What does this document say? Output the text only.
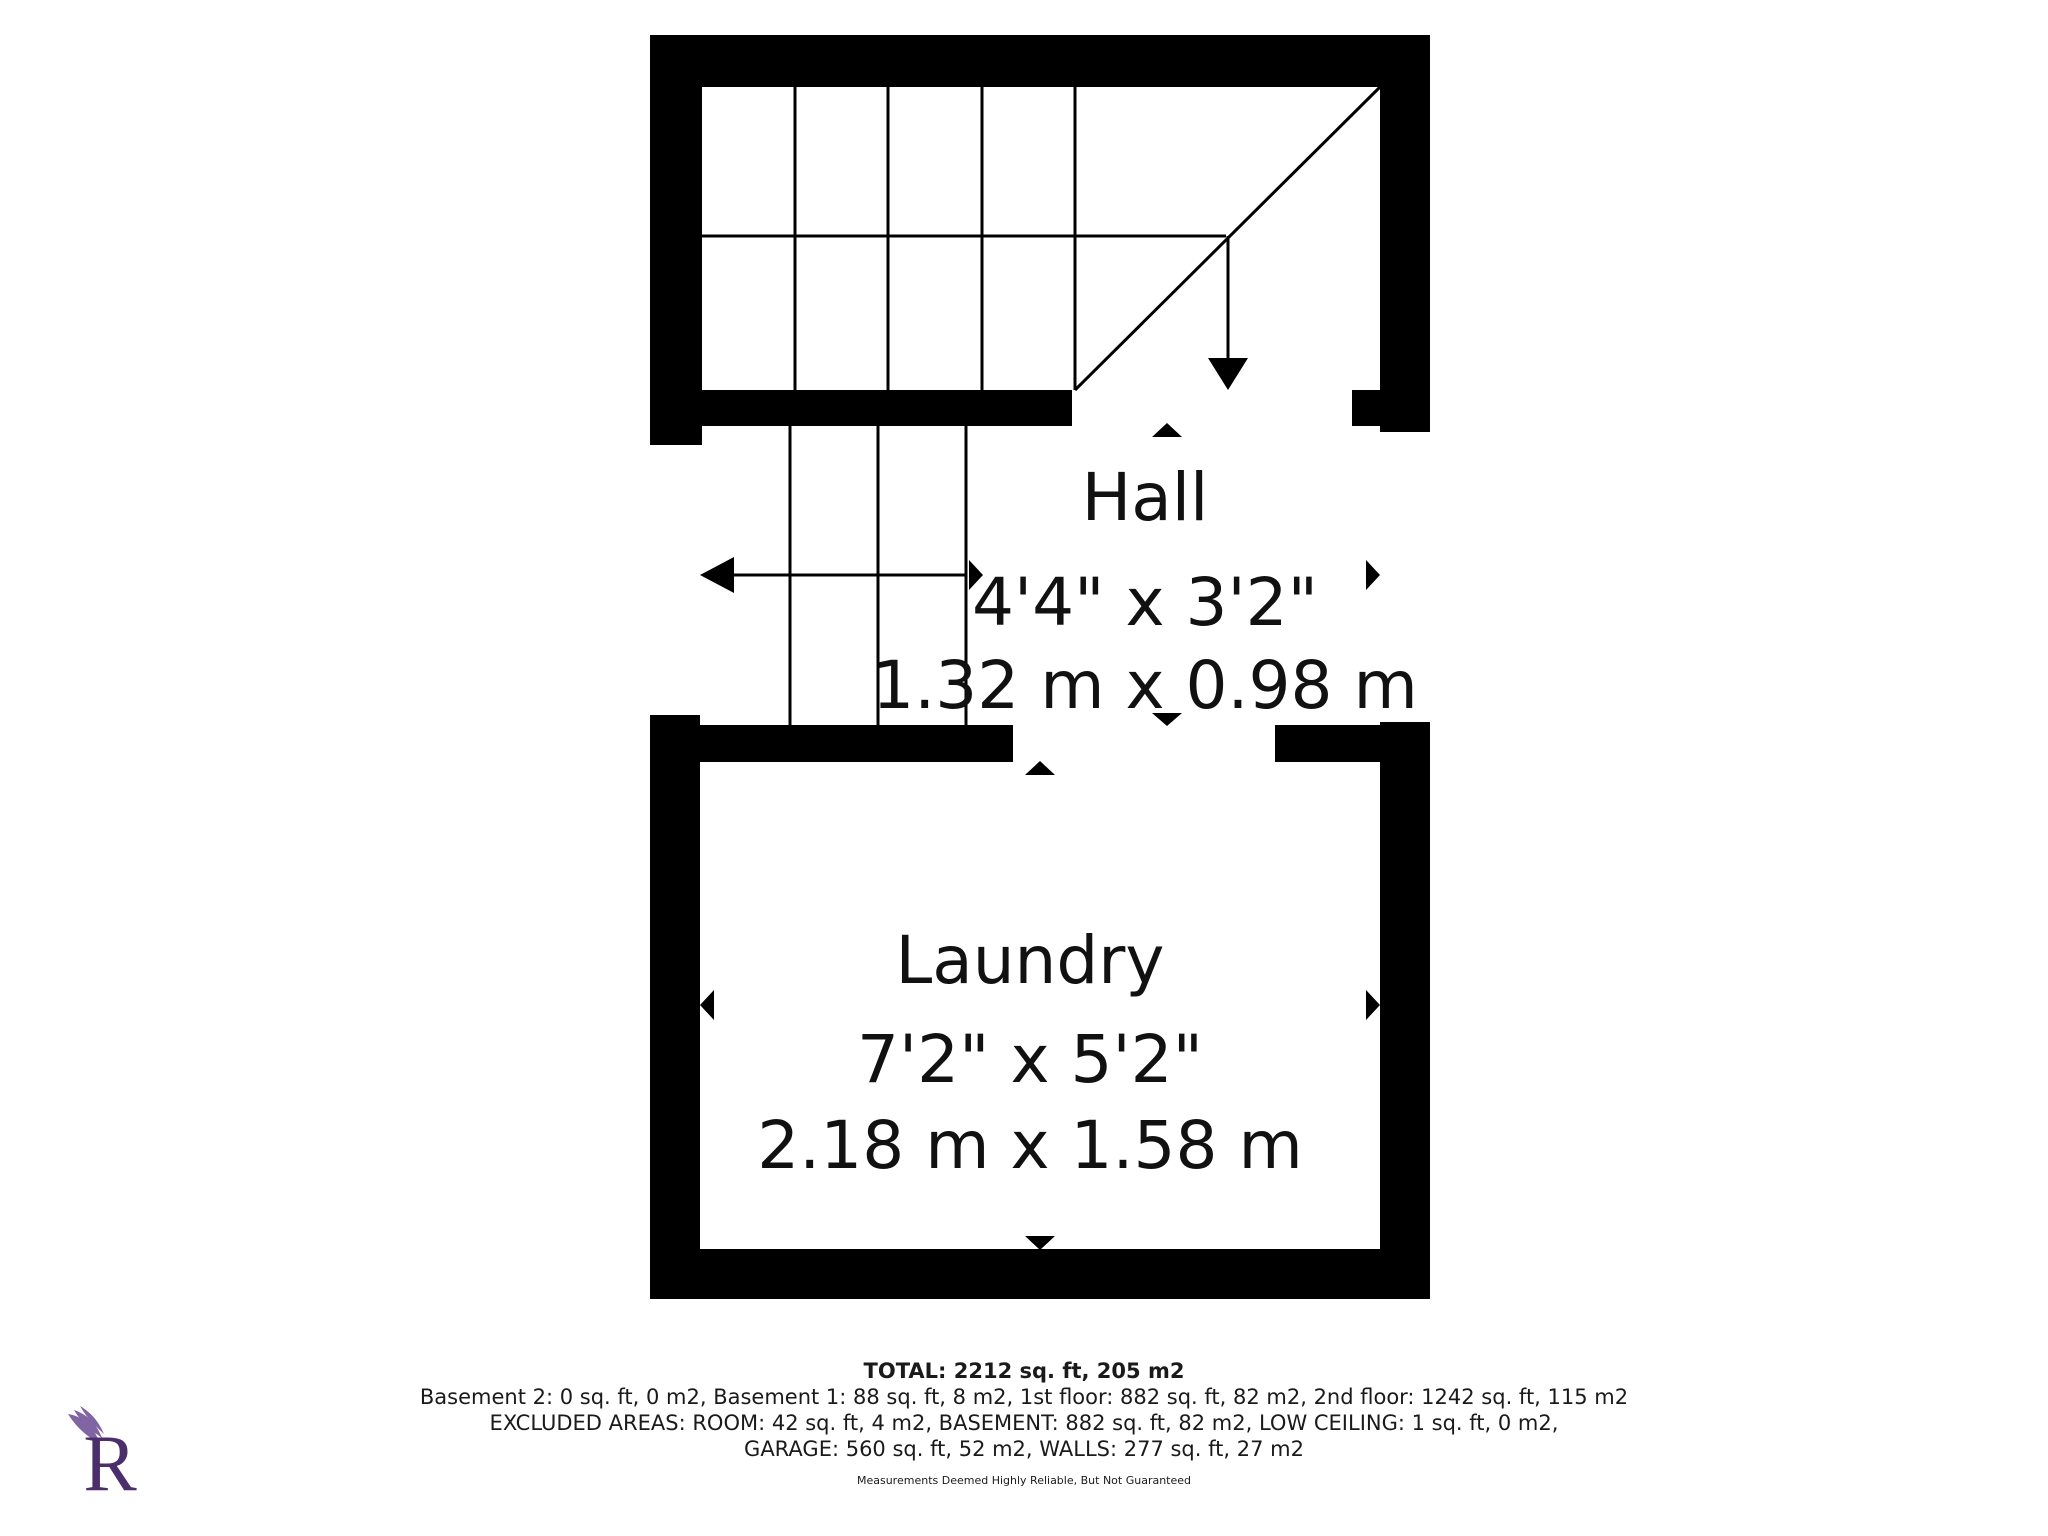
Hall
4'4" x 3'2"
1.32 m x 0.98 m
Laundry
7'2" x 5'2"
2.18 m x 1.58 m
TOTAL: 2212 sq. ft, 205 m2
Basement 2: 0 sq. ft, 0 m2, Basement 1: 88 sq. ft, 8 m2, 1st floor: 882 sq. ft, 82 m2, 2nd floor: 1242 sq. ft, 115 m2
EXCLUDED AREAS: ROOM: 42 sq. ft, 4 m2, BASEMENT: 882 sq. ft, 82 m2, LOW CEILING: 1 sq. ft, 0 m2,
GARAGE: 560 sq. ft, 52 m2, WALLS: 277 sq. ft, 27 m2
Measurements Deemed Highly Reliable, But Not Guaranteed
R
